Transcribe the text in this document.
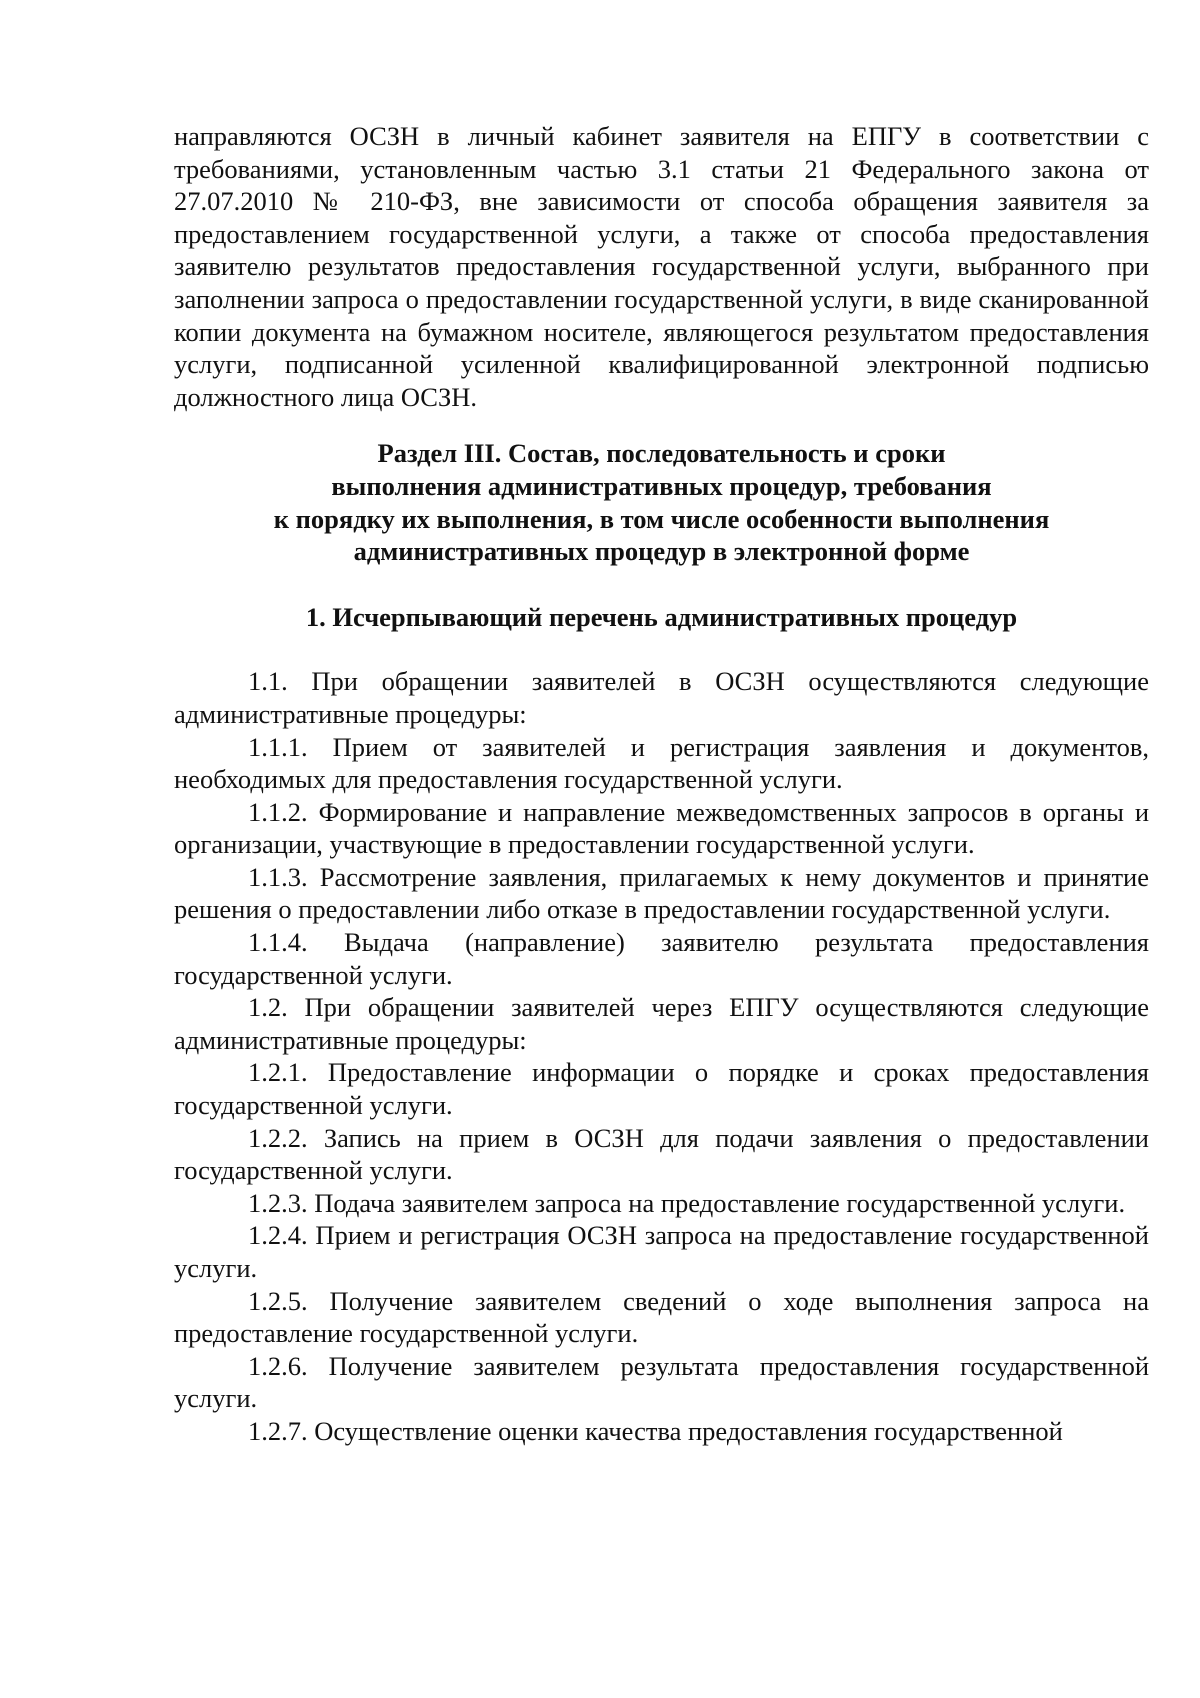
направляются ОСЗН в личный кабинет заявителя на ЕПГУ в соответствии с требованиями, установленным частью 3.1 статьи 21 Федерального закона от 27.07.2010 № 210-ФЗ, вне зависимости от способа обращения заявителя за предоставлением государственной услуги, а также от способа предоставления заявителю результатов предоставления государственной услуги, выбранного при заполнении запроса о предоставлении государственной услуги, в виде сканированной копии документа на бумажном носителе, являющегося результатом предоставления услуги, подписанной усиленной квалифицированной электронной подписью должностного лица ОСЗН.

Раздел III. Состав, последовательность и сроки
выполнения административных процедур, требования
к порядку их выполнения, в том числе особенности выполнения
административных процедур в электронной форме
1. Исчерпывающий перечень административных процедур

1.1. При обращении заявителей в ОСЗН осуществляются следующие административные процедуры:

1.1.1. Прием от заявителей и регистрация заявления и документов, необходимых для предоставления государственной услуги.

1.1.2. Формирование и направление межведомственных запросов в органы и организации, участвующие в предоставлении государственной услуги.

1.1.3. Рассмотрение заявления, прилагаемых к нему документов и принятие решения о предоставлении либо отказе в предоставлении государственной услуги.

1.1.4. Выдача (направление) заявителю результата предоставления государственной услуги.

1.2. При обращении заявителей через ЕПГУ осуществляются следующие административные процедуры:

1.2.1. Предоставление информации о порядке и сроках предоставления государственной услуги.

1.2.2. Запись на прием в ОСЗН для подачи заявления о предоставлении государственной услуги.

1.2.3. Подача заявителем запроса на предоставление государственной услуги.

1.2.4. Прием и регистрация ОСЗН запроса на предоставление государственной услуги.

1.2.5. Получение заявителем сведений о ходе выполнения запроса на предоставление государственной услуги.

1.2.6. Получение заявителем результата предоставления государственной услуги.

1.2.7. Осуществление оценки качества предоставления государственной
